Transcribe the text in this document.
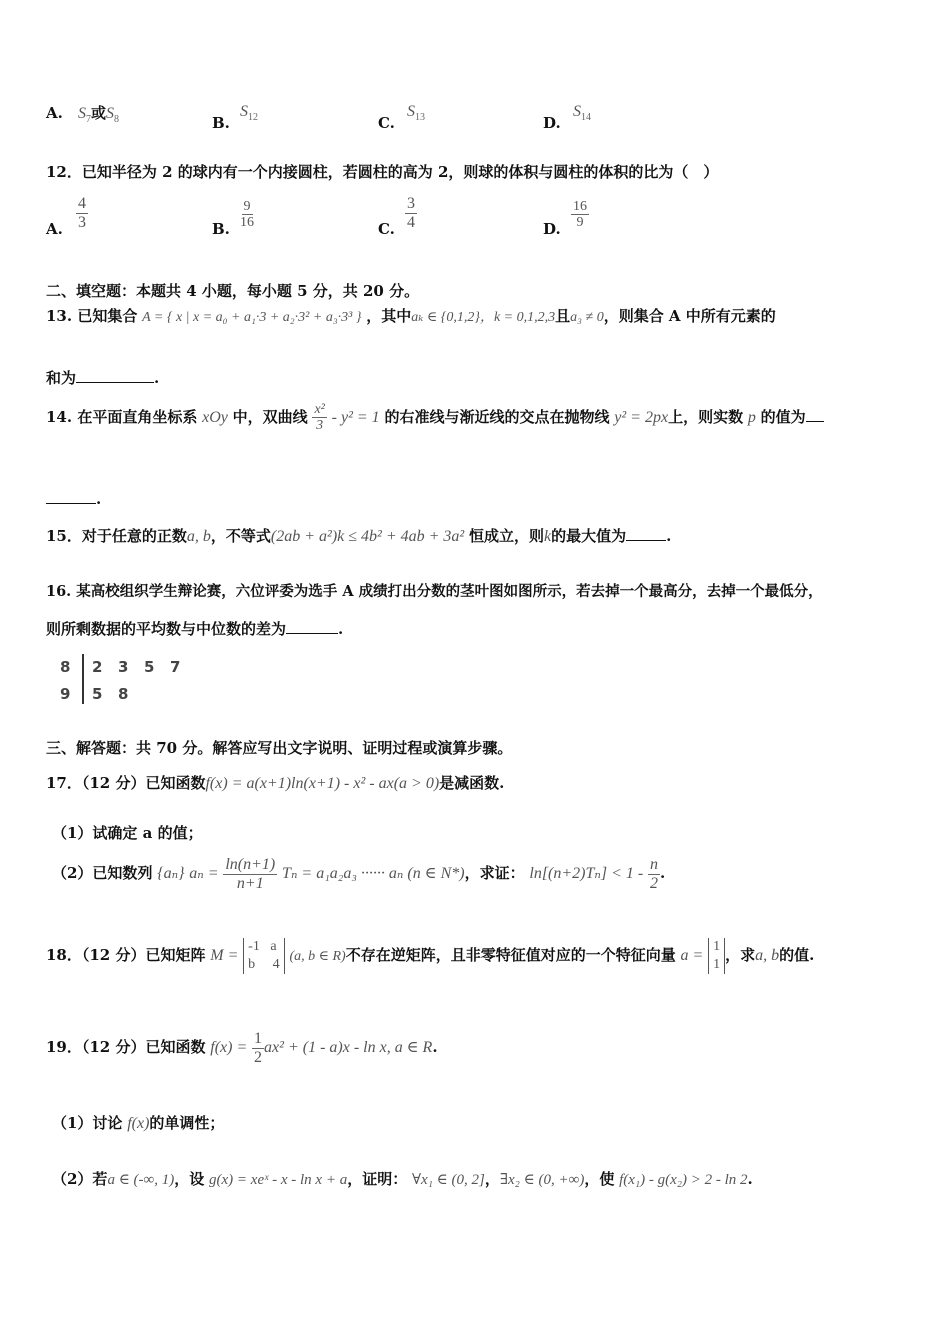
A. $S_7$或$S_8$	B.
$S_{12}$	C.
$S_{13}$	D.
$S_{14}$
12．已知半径为 2 的球内有一个内接圆柱，若圆柱的高为 2，则球的体积与圆柱的体积的比为（　）
A. $\frac{4}{3}$	B. $\frac{9}{16}$	C. $\frac{3}{4}$	D. $\frac{16}{9}$
二、填空题：本题共 4 小题，每小题 5 分，共 20 分。
13. 已知集合 A = { x | x = a₀ + a₁·3 + a₂·3² + a₃·3³ } ，其中aₖ ∈ {0,1,2}，k = 0,1,2,3且a₃ ≠ 0，则集合 A 中所有元素的
和为	.
14. 在平面直角坐标系 xOy 中，双曲线 $\frac{\text{x²}}{3} - y^2 = 1$ 的右准线与渐近线的交点在抛物线 y² = 2px上，则实数 p 的值为
.
15．对于任意的正数a, b，不等式(2ab + a²)k ≤ 4b² + 4ab + 3a² 恒成立，则k的最大值为	.
16. 某高校组织学生辩论赛，六位评委为选手 A 成绩打出分数的茎叶图如图所示，若去掉一个最高分，去掉一个最低分，
则所剩数据的平均数与中位数的差为	.
8 2 3 5 7
9 5 8
三、解答题：共 70 分。解答应写出文字说明、证明过程或演算步骤。
17．（12 分）已知函数f(x) = a(x+1)ln(x+1) - x² - ax(a > 0)是减函数.
（1）试确定 a 的值；
（2）已知数列 {aₙ} $a_n = \frac{\ln(n+1)}{n+1}$ Tₙ = a₁a₂a₃ ······ aₙ (n ∈ N*)，求证： $\ln[(n+2)T_n] < 1 - \frac{n}{2}$ .
18．（12 分）已知矩阵 M = -1 a
b 4 (a, b ∈ R)不存在逆矩阵，且非零特征值对应的一个特征向量 a = 1
1，求a, b的值.
19．（12 分）已知函数 $f(x) = \frac{1}{2} ax^2 + (1 - a)x - \ln x$, a ∈ R.
（1）讨论 f(x)的单调性；
（2）若a ∈ (-∞, 1)，设 g(x) = xeˣ - x - ln x + a，证明： ∀x₁ ∈ (0, 2]，∃x₂ ∈ (0, +∞)，使 f(x₁) - g(x₂) > 2 - ln 2.
